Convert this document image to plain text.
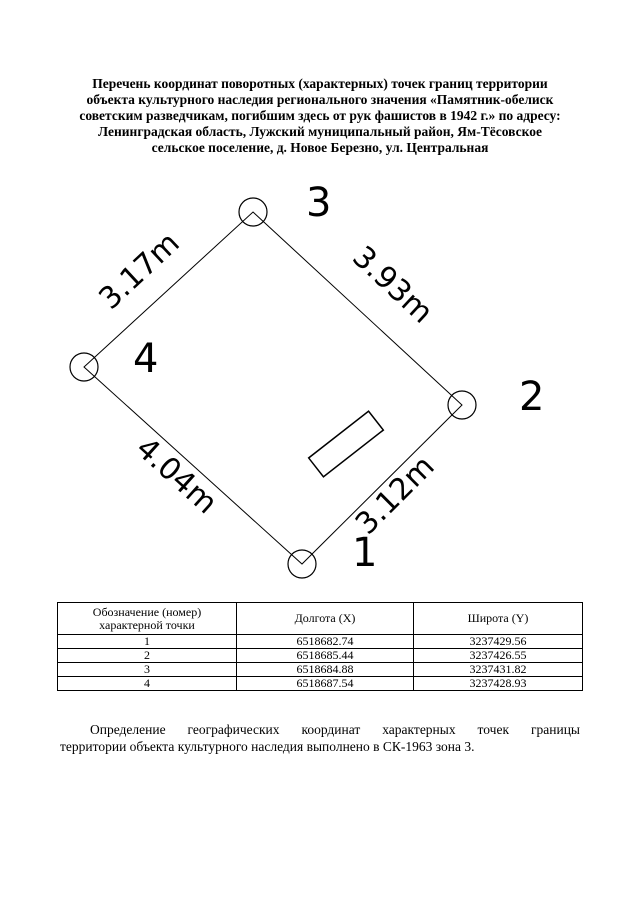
Перечень координат поворотных (характерных) точек границ территории
объекта культурного наследия регионального значения «Памятник-обелиск
советским разведчикам, погибшим здесь от рук фашистов в 1942 г.» по адресу:
Ленинградская область, Лужский муниципальный район, Ям-Тёсовское
сельское поселение, д. Новое Березно, ул. Центральная
3
2
1
4
3.17m	3.93m
4.04m	3.12m
Обозначение (номер) характерной точки	Долгота (X)	Широта (Y)
1	6518682.74	3237429.56
2	6518685.44	3237426.55
3	6518684.88	3237431.82
4	6518687.54	3237428.93
Определение географических координат характерных точек границы
территории объекта культурного наследия выполнено в СК-1963 зона 3.
